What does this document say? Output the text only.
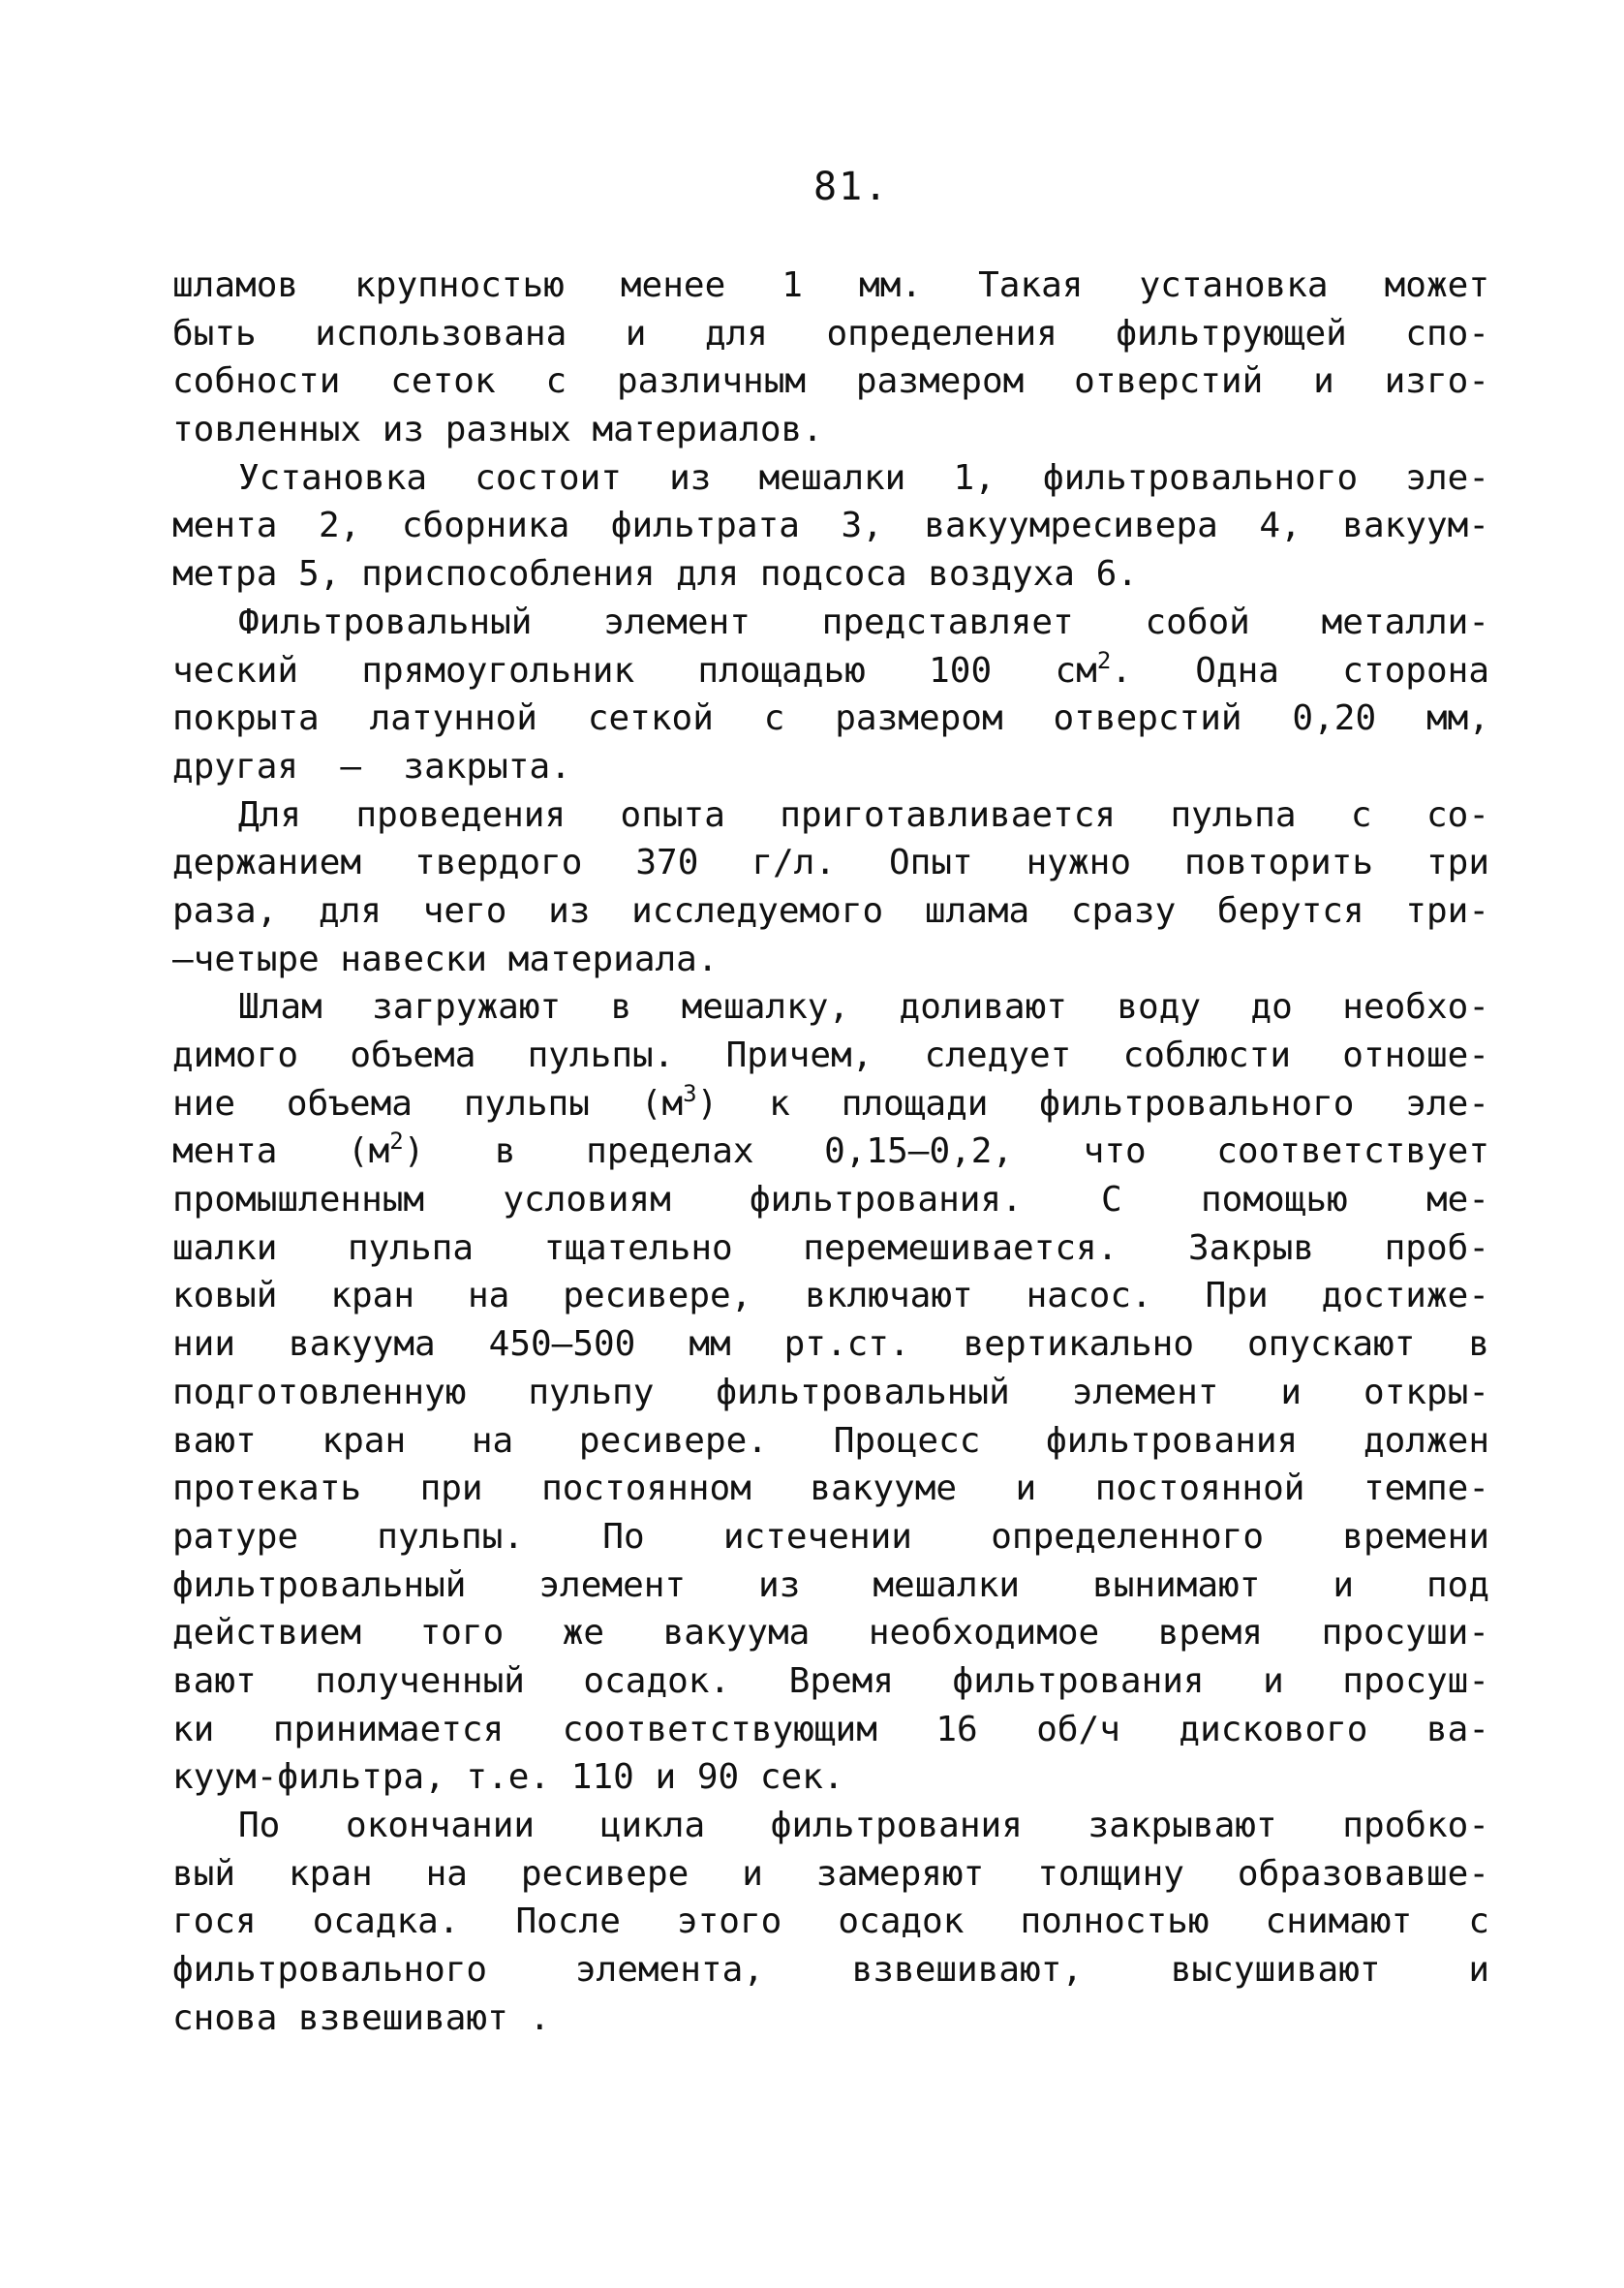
81.
шламов крупностью менее 1 мм. Такая установка может
быть использована и для определения фильтрующей спо-
собности сеток с различным размером отверстий и изго-
товленных из разных материалов.
Установка состоит из мешалки 1, фильтровального эле-
мента 2, сборника фильтрата 3, вакуумресивера 4, вакуум-
метра 5, приспособления для подсоса воздуха 6.
Фильтровальный элемент представляет собой металли-
ческий прямоугольник площадью 100 $см^2$. Одна сторона
покрыта латунной сеткой с размером отверстий 0,20 мм,
другая  –  закрыта.
Для проведения опыта приготавливается пульпа с со-
держанием твердого 370 г/л. Опыт нужно повторить три
раза, для чего из исследуемого шлама сразу берутся три-
–четыре навески материала.
Шлам загружают в мешалку, доливают воду до необхо-
димого объема пульпы. Причем, следует соблюсти отноше-
ние объема пульпы $(м^3)$ к площади фильтровального эле-
мента $(м^2)$ в пределах 0,15–0,2, что соответствует
промышленным условиям фильтрования. С помощью ме-
шалки пульпа тщательно перемешивается. Закрыв проб-
ковый кран на ресивере, включают насос. При достиже-
нии вакуума 450–500 мм рт.ст. вертикально опускают в
подготовленную пульпу фильтровальный элемент и откры-
вают кран на ресивере. Процесс фильтрования должен
протекать при постоянном вакууме и постоянной темпе-
ратуре пульпы. По истечении определенного времени
фильтровальный элемент из мешалки вынимают и под
действием того же вакуума необходимое время просуши-
вают полученный осадок. Время фильтрования и просуш-
ки принимается соответствующим 16 об/ч дискового ва-
куум-фильтра, т.е. 110 и 90 сек.
По окончании цикла фильтрования закрывают пробко-
вый кран на ресивере и замеряют толщину образовавше-
гося осадка. После этого осадок полностью снимают с
фильтровального элемента, взвешивают, высушивают и
снова взвешивают .
